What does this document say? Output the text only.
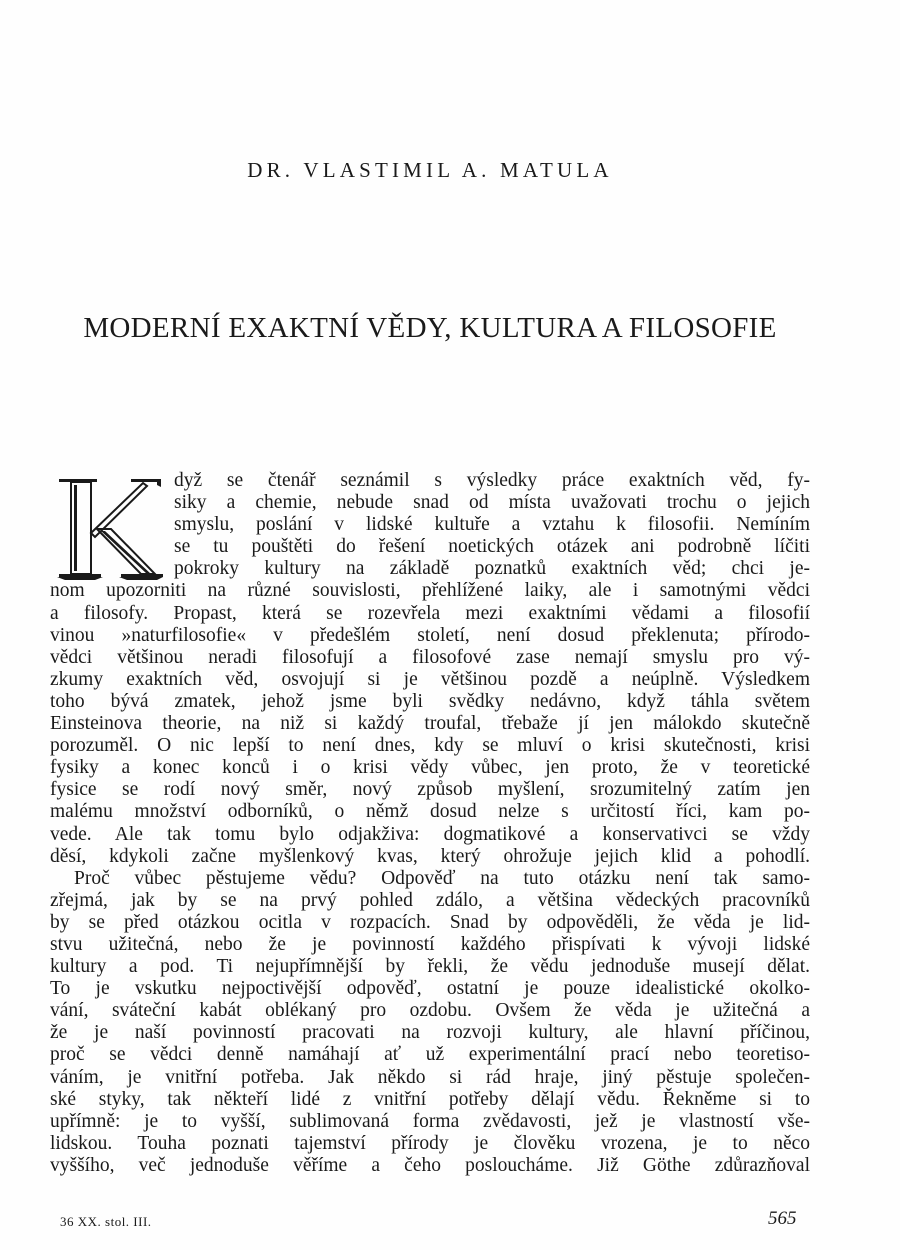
DR. VLASTIMIL A. MATULA
MODERNÍ EXAKTNÍ VĚDY, KULTURA A FILOSOFIE
dyž se čtenář seznámil s výsledky práce exaktních věd, fy-
siky a chemie, nebude snad od místa uvažovati trochu o jejich
smyslu, poslání v lidské kultuře a vztahu k filosofii. Nemíním
se tu pouštěti do řešení noetických otázek ani podrobně líčiti
pokroky kultury na základě poznatků exaktních věd; chci je-
nom upozorniti na různé souvislosti, přehlížené laiky, ale i samotnými vědci
a filosofy. Propast, která se rozevřela mezi exaktními vědami a filosofií
vinou »naturfilosofie« v předešlém století, není dosud překlenuta; přírodo-
vědci většinou neradi filosofují a filosofové zase nemají smyslu pro vý-
zkumy exaktních věd, osvojují si je většinou pozdě a neúplně. Výsledkem
toho bývá zmatek, jehož jsme byli svědky nedávno, když táhla světem
Einsteinova theorie, na niž si každý troufal, třebaže jí jen málokdo skutečně
porozuměl. O nic lepší to není dnes, kdy se mluví o krisi skutečnosti, krisi
fysiky a konec konců i o krisi vědy vůbec, jen proto, že v teoretické
fysice se rodí nový směr, nový způsob myšlení, srozumitelný zatím jen
malému množství odborníků, o němž dosud nelze s určitostí říci, kam po-
vede. Ale tak tomu bylo odjakživa: dogmatikové a konservativci se vždy
děsí, kdykoli začne myšlenkový kvas, který ohrožuje jejich klid a pohodlí.
Proč vůbec pěstujeme vědu? Odpověď na tuto otázku není tak samo-
zřejmá, jak by se na prvý pohled zdálo, a většina vědeckých pracovníků
by se před otázkou ocitla v rozpacích. Snad by odpověděli, že věda je lid-
stvu užitečná, nebo že je povinností každého přispívati k vývoji lidské
kultury a pod. Ti nejupřímnější by řekli, že vědu jednoduše musejí dělat.
To je vskutku nejpoctivější odpověď, ostatní je pouze idealistické okolko-
vání, sváteční kabát oblékaný pro ozdobu. Ovšem že věda je užitečná a
že je naší povinností pracovati na rozvoji kultury, ale hlavní příčinou,
proč se vědci denně namáhají ať už experimentální prací nebo teoretiso-
váním, je vnitřní potřeba. Jak někdo si rád hraje, jiný pěstuje společen-
ské styky, tak někteří lidé z vnitřní potřeby dělají vědu. Řekněme si to
upřímně: je to vyšší, sublimovaná forma zvědavosti, jež je vlastností vše-
lidskou. Touha poznati tajemství přírody je člověku vrozena, je to něco
vyššího, več jednoduše věříme a čeho posloucháme. Již Göthe zdůrazňoval

36 XX. stol. III.	565
